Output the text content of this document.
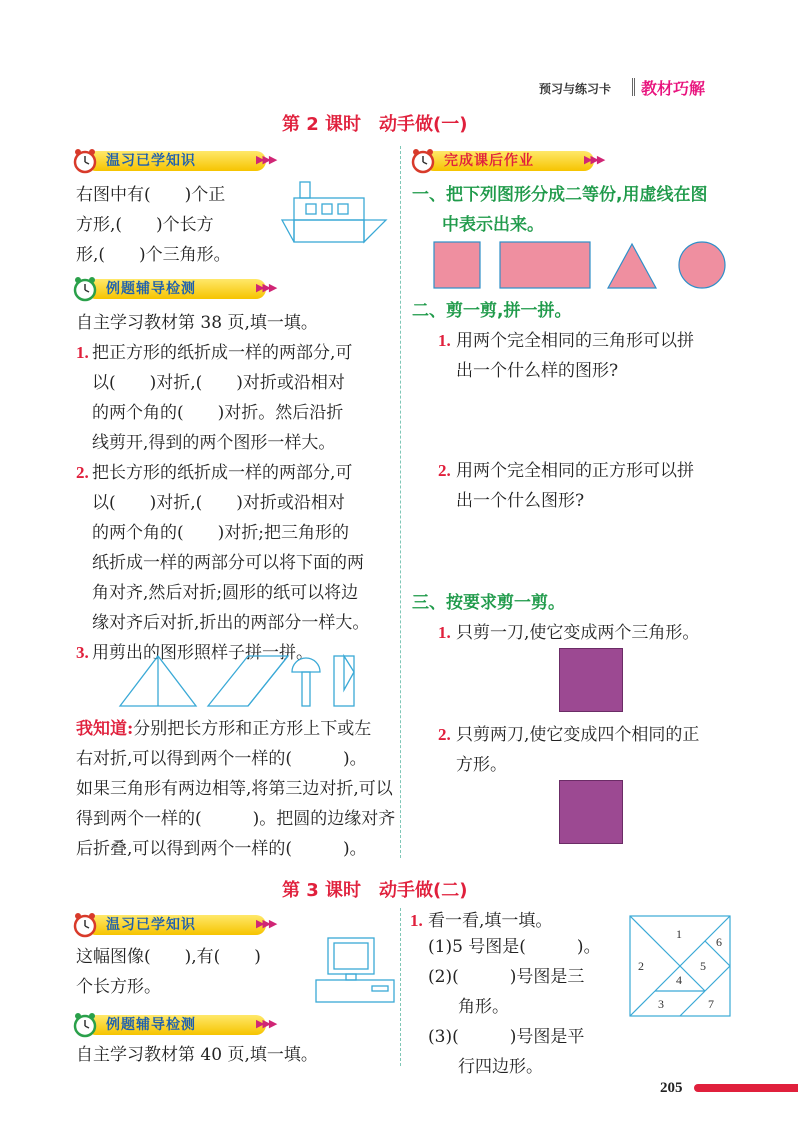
预习与练习卡 教材巧解
第 2 课时　动手做(一)
温习已学知识	▶▶▶
右图中有(　　)个正
方形,(　　)个长方
形,(　　)个三角形。
例题辅导检测	▶▶▶
自主学习教材第 38 页,填一填。
1. 把正方形的纸折成一样的两部分,可
以(　　)对折,(　　)对折或沿相对
的两个角的(　　)对折。然后沿折
线剪开,得到的两个图形一样大。
2. 把长方形的纸折成一样的两部分,可
以(　　)对折,(　　)对折或沿相对
的两个角的(　　)对折;把三角形的
纸折成一样的两部分可以将下面的两
角对齐,然后对折;圆形的纸可以将边
缘对齐后对折,折出的两部分一样大。
3. 用剪出的图形照样子拼一拼。
我知道:分别把长方形和正方形上下或左
右对折,可以得到两个一样的(　　　)。
如果三角形有两边相等,将第三边对折,可以
得到两个一样的(　　　)。把圆的边缘对齐
后折叠,可以得到两个一样的(　　　)。
完成课后作业	▶▶▶
一、把下列图形分成二等份,用虚线在图
中表示出来。
二、剪一剪,拼一拼。
1. 用两个完全相同的三角形可以拼
出一个什么样的图形?
2. 用两个完全相同的正方形可以拼
出一个什么图形?
三、按要求剪一剪。
1. 只剪一刀,使它变成两个三角形。
2. 只剪两刀,使它变成四个相同的正
方形。
第 3 课时　动手做(二)
温习已学知识	▶▶▶
这幅图像(　　),有(　　)
个长方形。
例题辅导检测	▶▶▶
自主学习教材第 40 页,填一填。
1. 看一看,填一填。
(1)5 号图是(　　　)。
(2)(　　　)号图是三
角形。
(3)(　　　)号图是平
行四边形。
1
2
3
4
5
6
7
205
